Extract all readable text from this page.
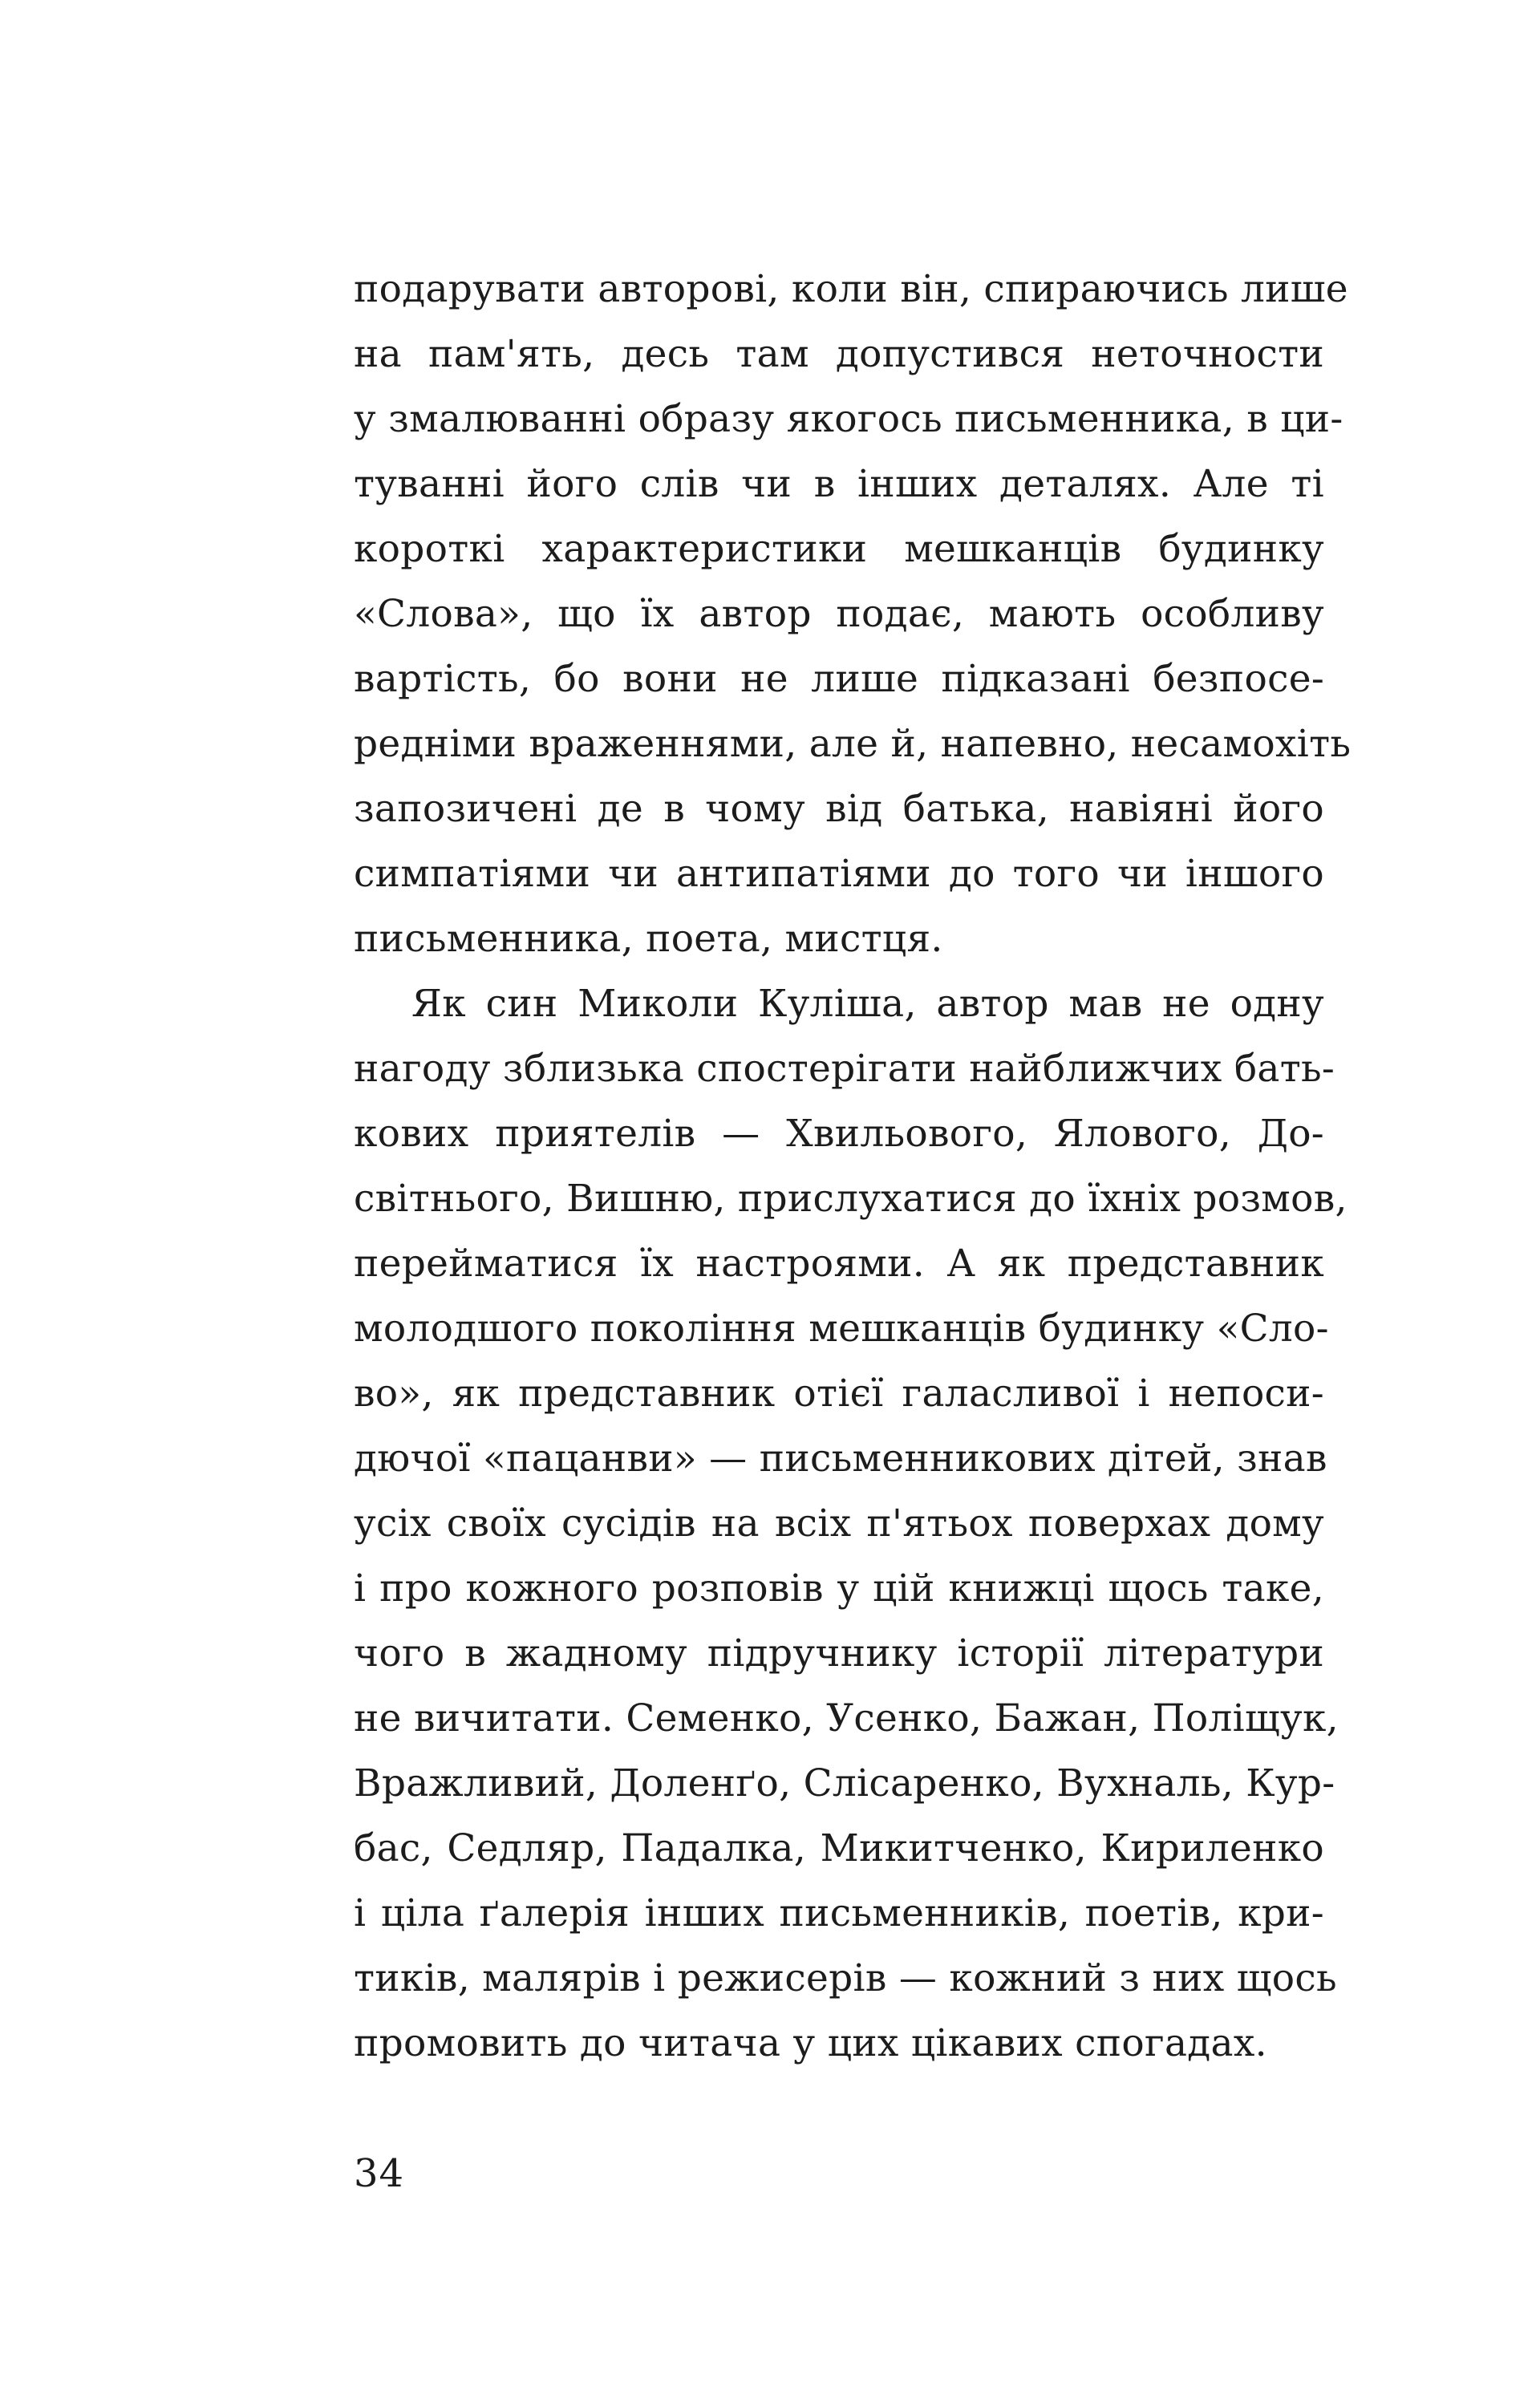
подарувати авторові, коли він, спираючись лише
на пам'ять, десь там допустився неточности
у змалюванні образу якогось письменника, в ци-
туванні його слів чи в інших деталях. Але ті
короткі характеристики мешканців будинку
«Слова», що їх автор подає, мають особливу
вартість, бо вони не лише підказані безпосе-
редніми враженнями, але й, напевно, несамохіть
запозичені де в чому від батька, навіяні його
симпатіями чи антипатіями до того чи іншого
письменника, поета, мистця.
Як син Миколи Куліша, автор мав не одну
нагоду зблизька спостерігати найближчих бать-
кових приятелів — Хвильового, Ялового, До-
світнього, Вишню, прислухатися до їхніх розмов,
перейматися їх настроями. А як представник
молодшого покоління мешканців будинку «Сло-
во», як представник отієї галасливої і непоси-
дючої «пацанви» — письменникових дітей, знав
усіх своїх сусідів на всіх п'ятьох поверхах дому
і про кожного розповів у цій книжці щось таке,
чого в жадному підручнику історії літератури
не вичитати. Семенко, Усенко, Бажан, Поліщук,
Вражливий, Доленґо, Слісаренко, Вухналь, Кур-
бас, Седляр, Падалка, Микитченко, Кириленко
і ціла ґалерія інших письменників, поетів, кри-
тиків, малярів і режисерів — кожний з них щось
промовить до читача у цих цікавих спогадах.
34
